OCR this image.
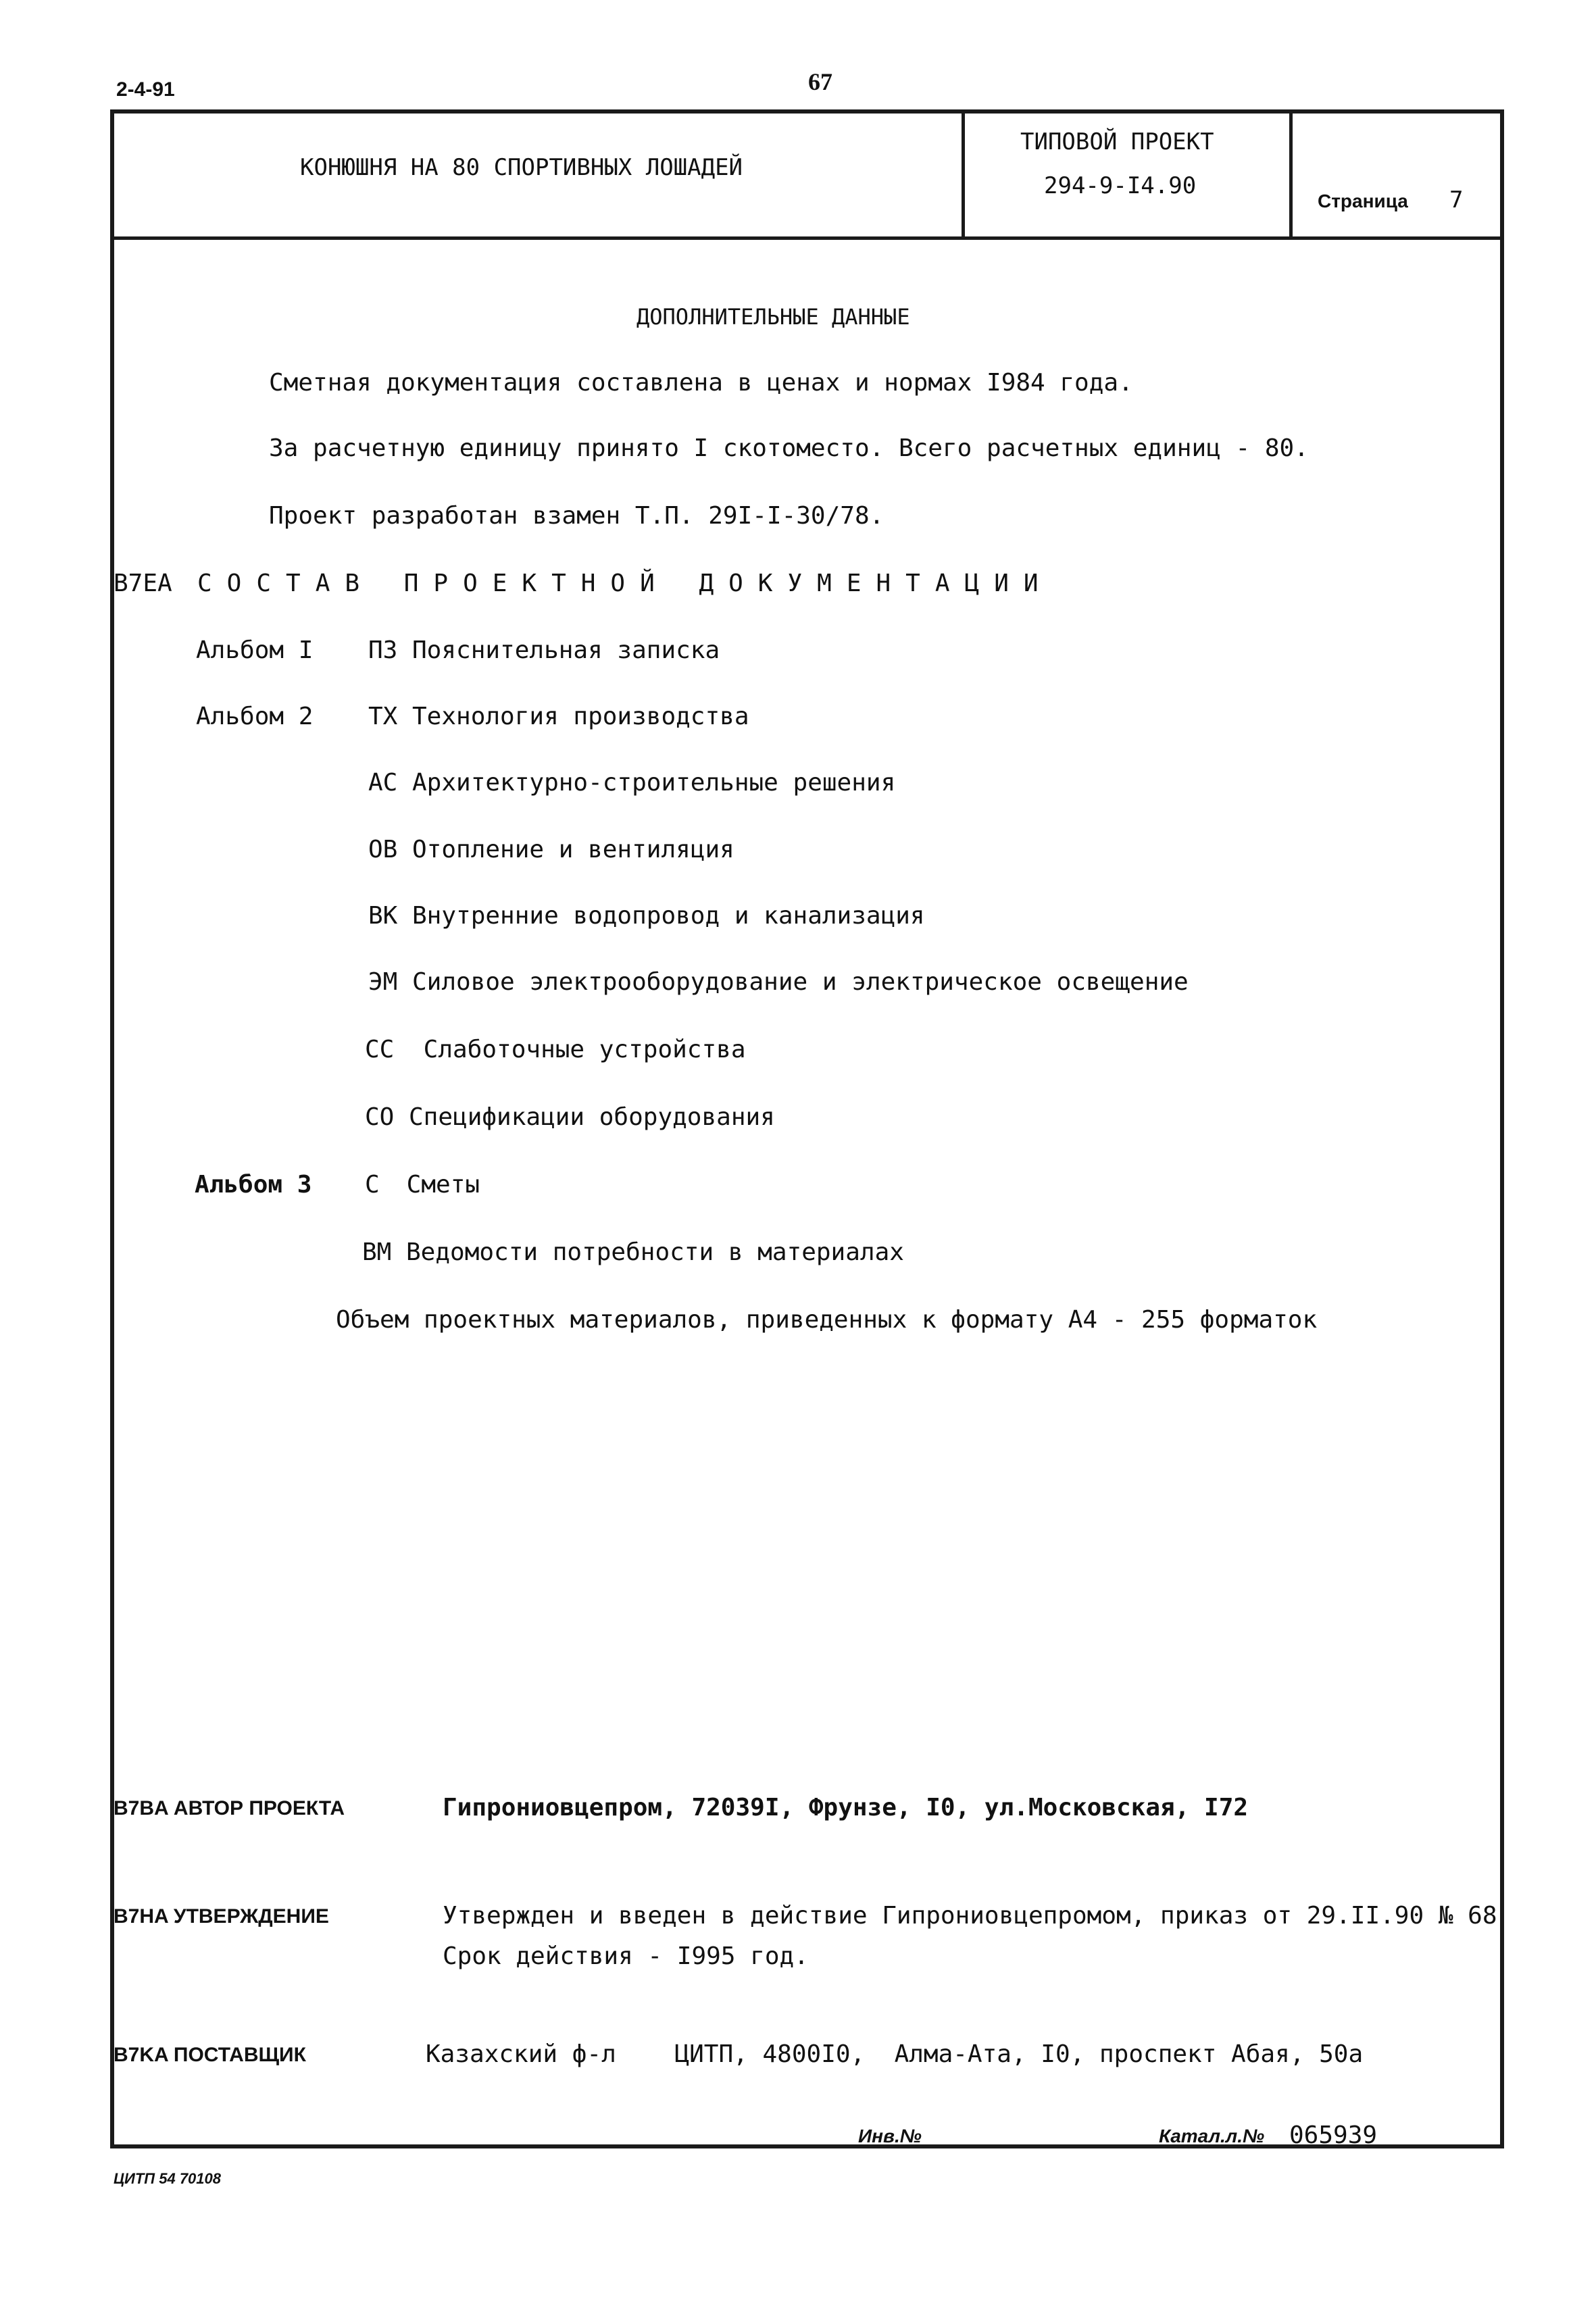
2-4-91	67
КОНЮШНЯ НА 80 СПОРТИВНЫХ ЛОШАДЕЙ
ТИПОВОЙ ПРОЕКТ
294-9-I4.90
Страница 7
ДОПОЛНИТЕЛЬНЫЕ ДАННЫЕ
Сметная документация составлена в ценах и нормах I984 года.
За расчетную единицу принято I скотоместо. Всего расчетных единиц - 80.
Проект разработан взамен Т.П. 29I-I-30/78.
B7EA СОСТАВ ПРОЕКТНОЙ ДОКУМЕНТАЦИИ
Альбом I ПЗ Пояснительная записка
Альбом 2 ТХ Технология производства
АС Архитектурно-строительные решения
ОВ Отопление и вентиляция
ВК Внутренние водопровод и канализация
ЭМ Силовое электрооборудование и электрическое освещение
СС Слаботочные устройства
СО Спецификации оборудования
Альбом 3 С Сметы
ВМ Ведомости потребности в материалах
Объем проектных материалов, приведенных к формату А4 - 255 форматок
B7BA АВТОР ПРОЕКТА	Гипрониовцепром, 72039I, Фрунзе, I0, ул.Московская, I72
B7HA УТВЕРЖДЕНИЕ	Утвержден и введен в действие Гипрониовцепромом, приказ от 29.II.90 № 68
Срок действия - I995 год.
B7KA ПОСТАВЩИК	Казахский ф-л    ЦИТП, 4800I0,  Алма-Ата, I0, проспект Абая, 50а
Инв.№	Катал.л.№ 065939
ЦИТП 54 70108
